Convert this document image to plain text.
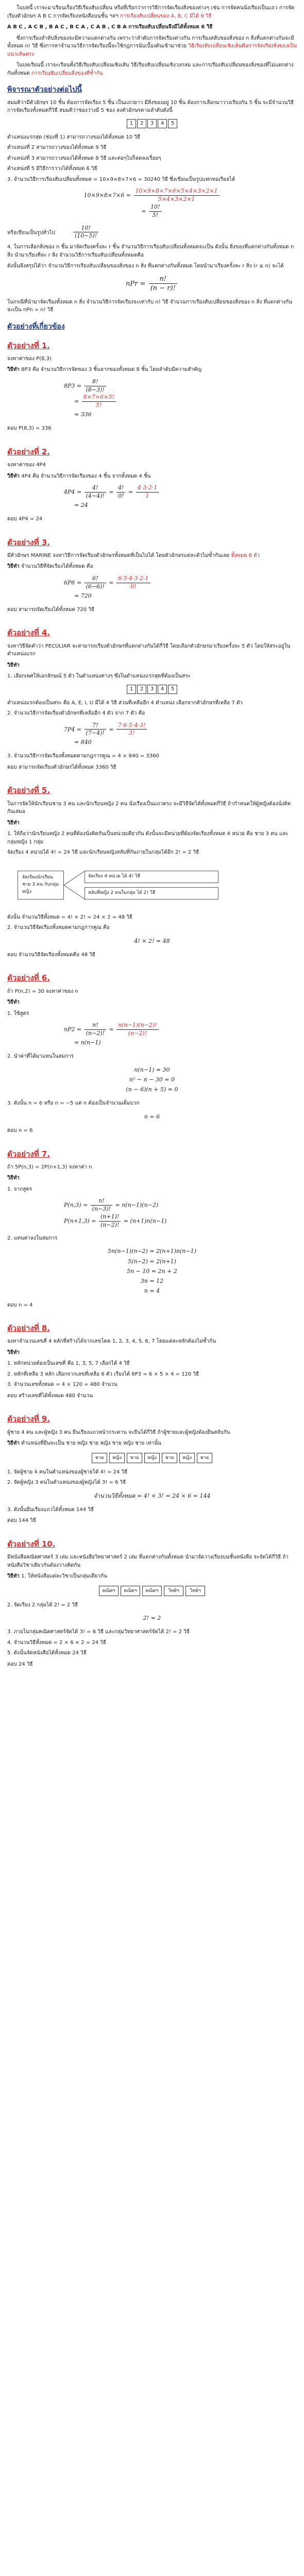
ในบทนี้ เราจะมาเรียนเรื่องวิธีเรียงสับเปลี่ยน หรือที่เรียกว่าการวิธีการจัดเรียงสิ่งของต่างๆ เช่น การจัดคนนั่งเรียงเป็นแถว การจัดเรียงตัวอักษร A B C การจัดเรียงหนังสือบนชั้น ฯลฯ การเรียงสับเปลี่ยนของ A, B, C มีได้ 6 วิธี

A B C , A C B , B A C , B C A , C A B , C B A การเรียงสับเปลี่ยนจึงมีได้ทั้งหมด 6 วิธี

ซึ่งการเรียงลำดับสิ่งของจะมีความแตกต่างกัน เพราะว่าลำดับการจัดเรียงต่างกัน การเรียงสลับของสิ่งของ n สิ่งที่แตกต่างกันจะมีทั้งหมด n! วิธี ซึ่งการหาจำนวนวิธีการจัดเรียงนี้จะใช้กฎการนับเบื้องต้นเข้ามาช่วย วิธีเรียงสับเปลี่ยนเชิงเส้นคือการจัดเรียงสิ่งของเป็นแนวเส้นตรง

ในบทเรียนนี้ เราจะเรียนทั้งวิธีเรียงสับเปลี่ยนเชิงเส้น วิธีเรียงสับเปลี่ยนเชิงวงกลม และการเรียงสับเปลี่ยนของสิ่งของที่ไม่แตกต่างกันทั้งหมด การเรียงสับเปลี่ยนสิ่งของที่ซ้ำกัน

พิจารณาตัวอย่างต่อไปนี้

สมมติว่ามีตัวอักษร 10 ชิ้น ต้องการจัดเรียง 5 ชิ้น เป็นแถวยาว มีสิ่งของอยู่ 10 ชิ้น ต้องการเลือกมาวางเรียงกัน 5 ชิ้น จะมีจำนวนวิธีการจัดเรียงทั้งหมดกี่วิธี สมมติว่าช่องว่างมี 5 ช่อง ลงตัวอักษรตามลำดับดังนี้

1	2	3	4	5

ตำแหน่งแรกสุด (ช่องที่ 1) สามารถวางของได้ทั้งหมด 10 วิธี

ตำแหน่งที่ 2 สามารถวางของได้ทั้งหมด 9 วิธี

ตำแหน่งที่ 3 สามารถวางของได้ทั้งหมด 8 วิธี และต่อๆไปก็ลดลงเรื่อยๆ

ตำแหน่งที่ 5 มีวิธีการวางได้ทั้งหมด 6 วิธี

3. จำนวนวิธีการเรียงสับเปลี่ยนทั้งหมด = 10×9×8×7×6 = 30240 วิธี ซึ่งเขียนเป็นรูปแฟกทอเรียลได้

$10\times 9\times 8\times 7\times 6 = \frac{10\times 9\times 8\times 7\times 6\times 5\times 4\times 3\times 2\times 1}{5\times 4\times 3\times 2\times 1}$
= $\frac{10!}{5!}$

หรือเขียนเป็นรูปทั่วไป	$\frac{10!}{(10-5)!}$

4. ในการเลือกสิ่งของ n ชิ้น มาจัดเรียงครั้งละ r ชิ้น จำนวนวิธีการเรียงสับเปลี่ยนทั้งหมดจะเป็น ดังนั้น สิ่งของที่แตกต่างกันทั้งหมด n สิ่ง นำมาเรียงทีละ r สิ่ง จำนวนวิธีการเรียงสับเปลี่ยนทั้งหมดคือ

ดังนั้นจึงสรุปได้ว่า จำนวนวิธีการเรียงสับเปลี่ยนของสิ่งของ n สิ่ง ที่แตกต่างกันทั้งหมด โดยนำมาเรียงครั้งละ r สิ่ง (r ≤ n) จะได้

nPr = $\frac{n!}{(n - r)!}$

ในกรณีที่นำมาจัดเรียงทั้งหมด n สิ่ง จำนวนวิธีการจัดเรียงจะเท่ากับ n! วิธี จำนวนการเรียงสับเปลี่ยนของสิ่งของ n สิ่ง ที่แตกต่างกันจะเป็น nPn = n! วิธี

ตัวอย่างที่เกี่ยวข้อง
ตัวอย่างที่ 1.

จงหาค่าของ P(8,3)

วิธีทำ 8P3 คือ จำนวนวิธีการจัดของ 3 ชิ้นจากของทั้งหมด 8 ชิ้น โดยลำดับมีความสำคัญ

$8P3 = \frac{8!}{(8-3)!}$
= $\frac{8\times 7\times 6\times 5!}{5!}$
= 336

ตอบ P(8,3) = 336

ตัวอย่างที่ 2.

จงหาค่าของ 4P4

วิธีทำ 4P4 คือ จำนวนวิธีการจัดเรียงของ 4 ชิ้น จากทั้งหมด 4 ชิ้น

$4P4 = \frac{4!}{(4-4)!} = \frac{4!}{0!} = \frac{4\cdot 3\cdot 2\cdot 1}{1}$
= 24

ตอบ 4P4 = 24

ตัวอย่างที่ 3.

มีตัวอักษร MARINE จงหาวิธีการจัดเรียงตัวอักษรทั้งหมดที่เป็นไปได้ โดยตัวอักษรแต่ละตัวไม่ซ้ำกันเลย ทั้งหมด 6 ตัว

วิธีทำ จำนวนวิธีที่จัดเรียงได้ทั้งหมด คือ

$6P6 = \frac{6!}{(6-6)!} = \frac{6\cdot 5\cdot 4\cdot 3\cdot 2\cdot 1}{0!}$
= 720

ตอบ สามารถจัดเรียงได้ทั้งหมด 720 วิธี

ตัวอย่างที่ 4.

จงหาวิธีจัดคำว่า PECULIAR จะสามารถเรียงตัวอักษรที่แตกต่างกันได้กี่วิธี โดยเลือกตัวอักษรมาเรียงครั้งละ 5 ตัว โดยให้สระอยู่ในตำแหน่งแรก

วิธีทำ

1. เลือกเพศให้เอกลักษณ์ 5 ตัว ในตำแหน่งต่างๆ ซึ่งในตำแหน่งแรกสุดที่ต้องเป็นสระ

1	2	3	4	5

ตำแหน่งแรกต้องเป็นสระ คือ A, E, I, U มีได้ 4 วิธี ส่วนที่เหลืออีก 4 ตำแหน่ง เลือกจากตัวอักษรที่เหลือ 7 ตัว

2. จำนวนวิธีการจัดเรียงตัวอักษรที่เหลืออีก 4 ตัว จาก 7 ตัว คือ

$7P4 = \frac{7!}{(7-4)!} = \frac{7\cdot 6\cdot 5\cdot 4\cdot 3!}{3!}$
= 840

3. จำนวนวิธีการจัดเรียงทั้งหมดตามกฎการคูณ = 4 × 840 = 3360

ตอบ สามารถจัดเรียงตัวอักษรได้ทั้งหมด 3360 วิธี

ตัวอย่างที่ 5.

ในการจัดให้นักเรียนชาย 3 คน และนักเรียนหญิง 2 คน นั่งเรียงเป็นแถวตรง จะมีวิธีจัดได้ทั้งหมดกี่วิธี ถ้ากำหนดให้ผู้หญิงต้องนั่งติดกันเสมอ

วิธีทำ

1. ให้ถือว่านักเรียนหญิง 2 คนที่ต้องนั่งติดกันเป็นหน่วยเดียวกัน ดังนั้นจะมีหน่วยที่ต้องจัดเรียงทั้งหมด 4 หน่วย คือ ชาย 3 คน และกลุ่มหญิง 1 กลุ่ม

จัดเรียง 4 หน่วยได้ 4! = 24 วิธี และนักเรียนหญิงสลับที่กันภายในกลุ่มได้อีก 2! = 2 วิธี

จัดเรียงนักเรียนชาย 3 คน กับกลุ่มหญิง
จัดเรียง 4 หน่วย ได้ 4! วิธี
สลับที่หญิง 2 คนในกลุ่ม ได้ 2! วิธี

ดังนั้น จำนวนวิธีทั้งหมด = 4! × 2! = 24 × 2 = 48 วิธี

2. จำนวนวิธีจัดเรียงทั้งหมดตามกฎการคูณ คือ

4! × 2! = 48

ตอบ จำนวนวิธีจัดเรียงทั้งหมดคือ 48 วิธี

ตัวอย่างที่ 6.

ถ้า P(n,2) = 30 จงหาค่าของ n

วิธีทำ

1. ใช้สูตร

$nP2 = \frac{n!}{(n-2)!} = \frac{n(n-1)(n-2)!}{(n-2)!}$
= n(n−1)

2. นำค่าที่ได้มาแทนในสมการ

n(n−1) = 30
n² − n − 30 = 0
(n − 6)(n + 5) = 0

3. ดังนั้น n = 6 หรือ n = −5 แต่ n ต้องเป็นจำนวนเต็มบวก

n = 6

ตอบ n = 6

ตัวอย่างที่ 7.

ถ้า 5P(n,3) = 2P(n+1,3) จงหาค่า n

วิธีทำ

1. จากสูตร

$P(n,3) = \frac{n!}{(n-3)!} = n(n-1)(n-2)$
$P(n+1,3) = \frac{(n+1)!}{(n-2)!} = (n+1)n(n-1)$

2. แทนค่าลงในสมการ

5n(n−1)(n−2) = 2(n+1)n(n−1)
5(n−2) = 2(n+1)
5n − 10 = 2n + 2
3n = 12
n = 4

ตอบ n = 4

ตัวอย่างที่ 8.

จงหาจำนวนเลขคี่ 4 หลักที่สร้างได้จากเลขโดด 1, 2, 3, 4, 5, 6, 7 โดยแต่ละหลักต้องไม่ซ้ำกัน

วิธีทำ

1. หลักหน่วยต้องเป็นเลขคี่ คือ 1, 3, 5, 7 เลือกได้ 4 วิธี

2. หลักที่เหลือ 3 หลัก เลือกจากเลขที่เหลือ 6 ตัว เรียงได้ 6P3 = 6 × 5 × 4 = 120 วิธี

3. จำนวนเลขทั้งหมด = 4 × 120 = 480 จำนวน

ตอบ สร้างเลขคี่ได้ทั้งหมด 480 จำนวน

ตัวอย่างที่ 9.

ผู้ชาย 4 คน และผู้หญิง 3 คน ยืนเรียงแถวหน้ากระดาน จะยืนได้กี่วิธี ถ้าผู้ชายและผู้หญิงต้องยืนสลับกัน

วิธีทำ ตำแหน่งที่ยืนจะเป็น ชาย หญิง ชาย หญิง ชาย หญิง ชาย เท่านั้น

ชาย	หญิง	ชาย	หญิง	ชาย	หญิง	ชาย

1. จัดผู้ชาย 4 คนในตำแหน่งของผู้ชายได้ 4! = 24 วิธี

2. จัดผู้หญิง 3 คนในตำแหน่งของผู้หญิงได้ 3! = 6 วิธี

จำนวนวิธีทั้งหมด = 4! × 3! = 24 × 6 = 144

3. ดังนั้นยืนเรียงแถวได้ทั้งหมด 144 วิธี

ตอบ 144 วิธี

ตัวอย่างที่ 10.

มีหนังสือคณิตศาสตร์ 3 เล่ม และหนังสือวิทยาศาสตร์ 2 เล่ม ที่แตกต่างกันทั้งหมด นำมาจัดวางเรียงบนชั้นหนังสือ จะจัดได้กี่วิธี ถ้าหนังสือวิชาเดียวกันต้องวางติดกัน

วิธีทำ 1. ให้หนังสือแต่ละวิชาเป็นกลุ่มเดียวกัน

คณิตฯ	คณิตฯ	คณิตฯ	วิทย์ฯ	วิทย์ฯ

2. จัดเรียง 2 กลุ่มได้ 2! = 2 วิธี

2! = 2

3. ภายในกลุ่มคณิตศาสตร์จัดได้ 3! = 6 วิธี และกลุ่มวิทยาศาสตร์จัดได้ 2! = 2 วิธี

4. จำนวนวิธีทั้งหมด = 2 × 6 × 2 = 24 วิธี

5. ดังนั้นจัดหนังสือได้ทั้งหมด 24 วิธี

ตอบ 24 วิธี
